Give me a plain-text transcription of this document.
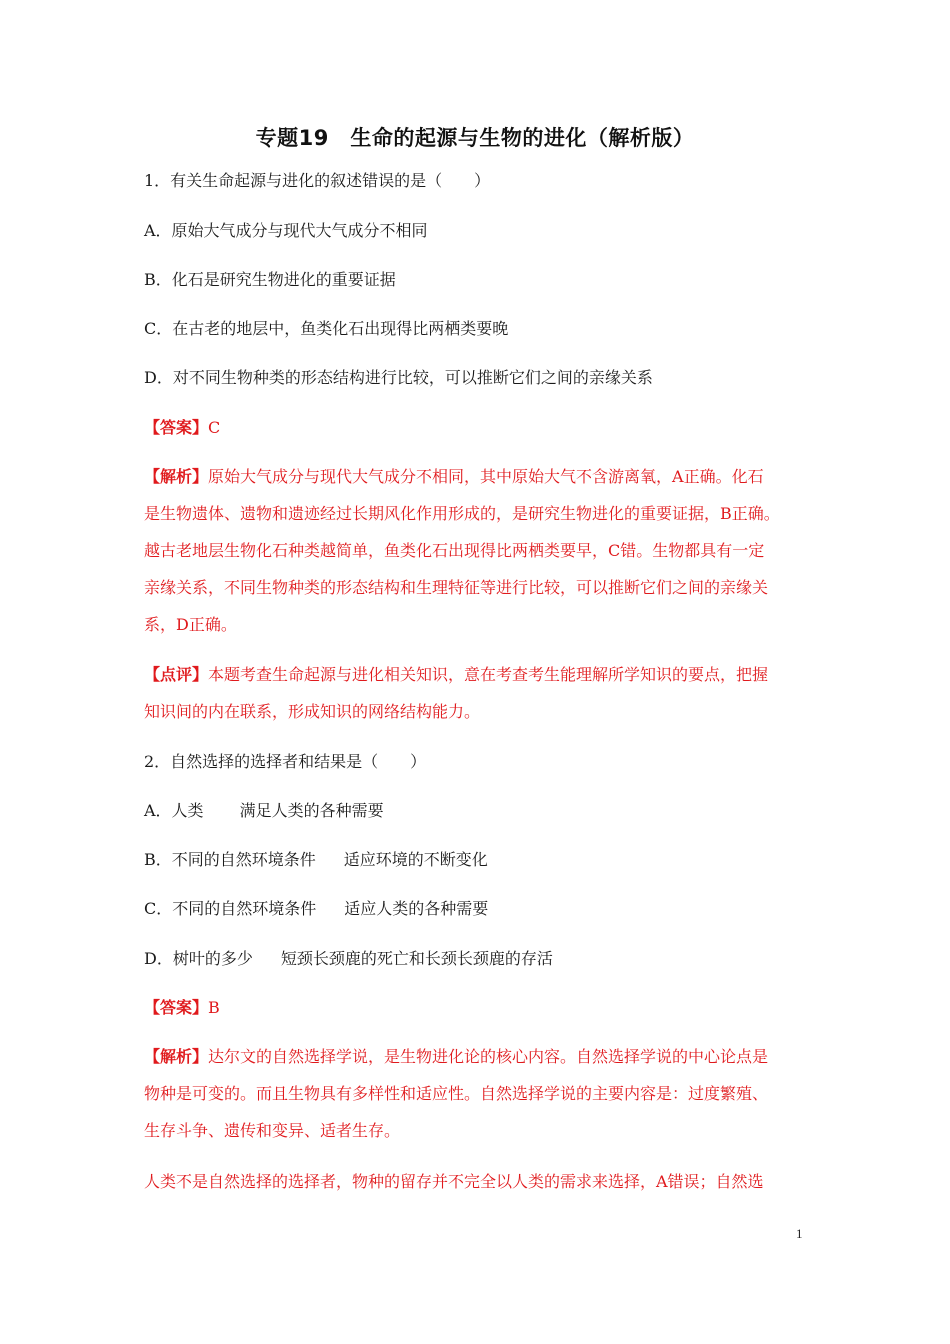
专题19　生命的起源与生物的进化（解析版）
1．有关生命起源与进化的叙述错误的是（　　）
A．原始大气成分与现代大气成分不相同
B．化石是研究生物进化的重要证据
C．在古老的地层中，鱼类化石出现得比两栖类要晚
D．对不同生物种类的形态结构进行比较，可以推断它们之间的亲缘关系
【答案】C
【解析】原始大气成分与现代大气成分不相同，其中原始大气不含游离氧，A正确。化石
是生物遗体、遗物和遗迹经过长期风化作用形成的，是研究生物进化的重要证据，B正确。
越古老地层生物化石种类越简单，鱼类化石出现得比两栖类要早，C错。生物都具有一定
亲缘关系，不同生物种类的形态结构和生理特征等进行比较，可以推断它们之间的亲缘关
系，D正确。
【点评】本题考查生命起源与进化相关知识，意在考查考生能理解所学知识的要点，把握
知识间的内在联系，形成知识的网络结构能力。
2．自然选择的选择者和结果是（　　）
A．人类 满足人类的各种需要
B．不同的自然环境条件 适应环境的不断变化
C．不同的自然环境条件 适应人类的各种需要
D．树叶的多少 短颈长颈鹿的死亡和长颈长颈鹿的存活
【答案】B
【解析】达尔文的自然选择学说，是生物进化论的核心内容。自然选择学说的中心论点是
物种是可变的。而且生物具有多样性和适应性。自然选择学说的主要内容是：过度繁殖、
生存斗争、遗传和变异、适者生存。
人类不是自然选择的选择者，物种的留存并不完全以人类的需求来选择，A错误；自然选
1
